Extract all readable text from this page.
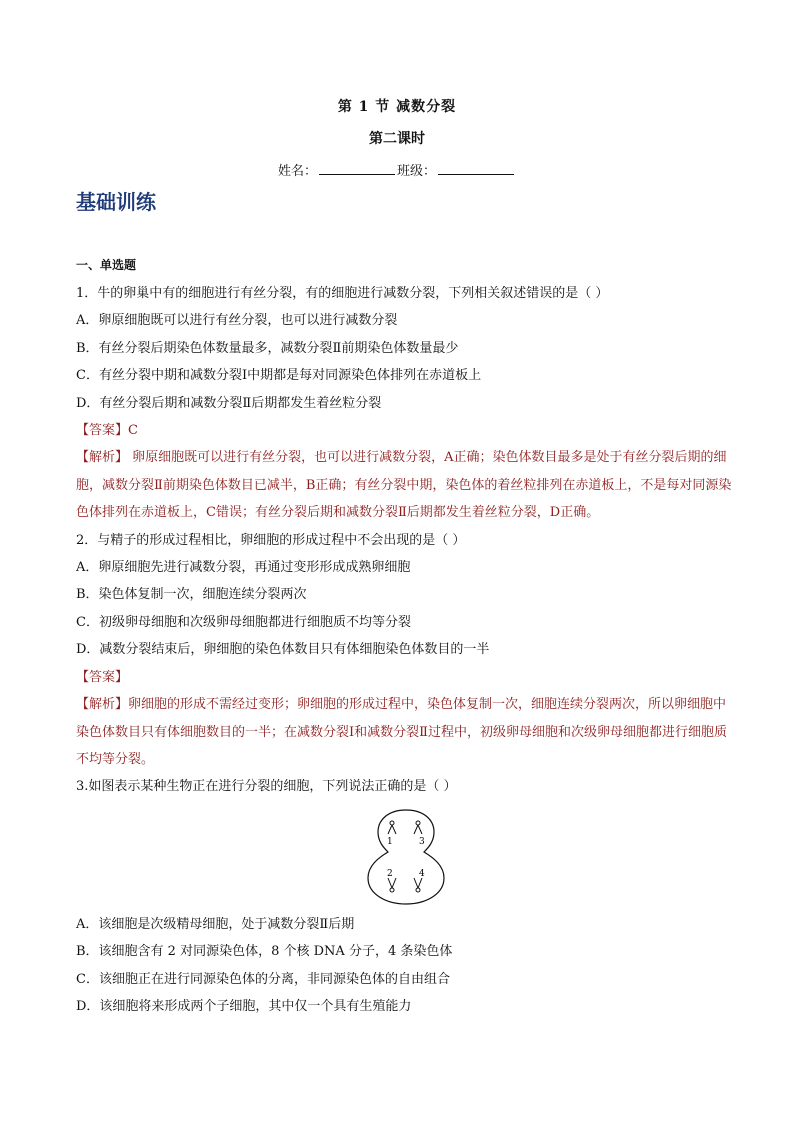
第 1 节 减数分裂
第二课时
姓名：	班级：
基础训练
一、单选题

1．牛的卵巢中有的细胞进行有丝分裂，有的细胞进行减数分裂，下列相关叙述错误的是（ ）

A．卵原细胞既可以进行有丝分裂，也可以进行减数分裂

B．有丝分裂后期染色体数量最多，减数分裂Ⅱ前期染色体数量最少

C．有丝分裂中期和减数分裂Ⅰ中期都是每对同源染色体排列在赤道板上

D．有丝分裂后期和减数分裂Ⅱ后期都发生着丝粒分裂

【答案】C

【解析】 卵原细胞既可以进行有丝分裂，也可以进行减数分裂，A正确；染色体数目最多是处于有丝分裂后期的细胞，减数分裂Ⅱ前期染色体数目已减半，B正确；有丝分裂中期，染色体的着丝粒排列在赤道板上，不是每对同源染色体排列在赤道板上，C错误；有丝分裂后期和减数分裂Ⅱ后期都发生着丝粒分裂，D正确。

2．与精子的形成过程相比，卵细胞的形成过程中不会出现的是（ ）

A．卵原细胞先进行减数分裂，再通过变形形成成熟卵细胞

B．染色体复制一次，细胞连续分裂两次

C．初级卵母细胞和次级卵母细胞都进行细胞质不均等分裂

D．减数分裂结束后，卵细胞的染色体数目只有体细胞染色体数目的一半

【答案】

【解析】卵细胞的形成不需经过变形；卵细胞的形成过程中，染色体复制一次，细胞连续分裂两次，所以卵细胞中染色体数目只有体细胞数目的一半；在减数分裂Ⅰ和减数分裂Ⅱ过程中，初级卵母细胞和次级卵母细胞都进行细胞质不均等分裂。

3.如图表示某种生物正在进行分裂的细胞，下列说法正确的是（ ）

1
2
3
4

A．该细胞是次级精母细胞，处于减数分裂Ⅱ后期

B．该细胞含有 2 对同源染色体，8 个核 DNA 分子，4 条染色体

C．该细胞正在进行同源染色体的分离，非同源染色体的自由组合

D．该细胞将来形成两个子细胞，其中仅一个具有生殖能力
